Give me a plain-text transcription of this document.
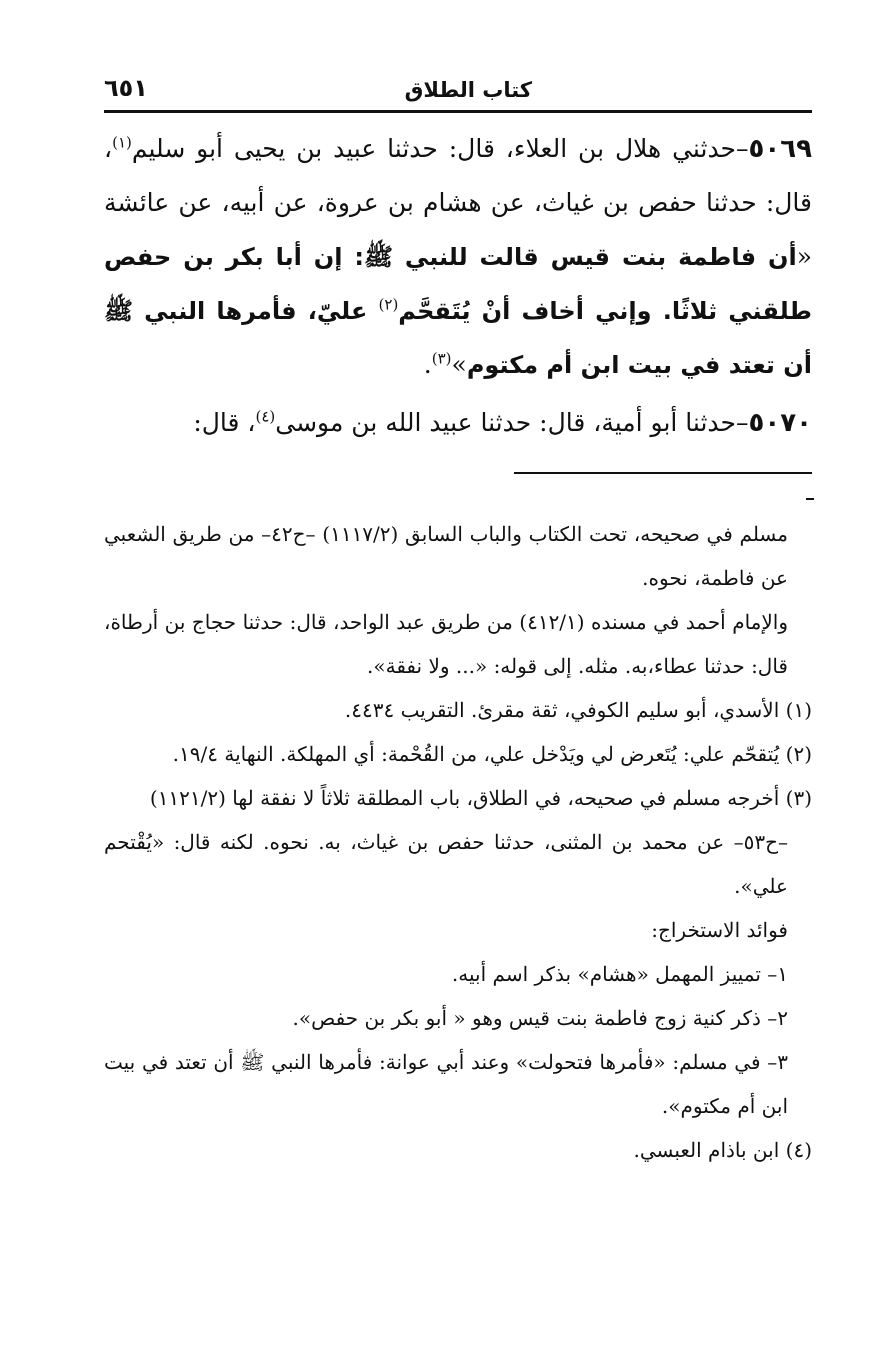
كتاب الطلاق
٦٥١

٥٠٦٩–حدثني هلال بن العلاء، قال: حدثنا عبيد بن يحيى أبو سليم$^{(١)}$، قال: حدثنا حفص بن غياث، عن هشام بن عروة، عن أبيه، عن عائشة «أن فاطمة بنت قيس قالت للنبي ﷺ: إن أبا بكر بن حفص طلقني ثلاثًا. وإني أخاف أنْ يُتَقحَّم$^{(٢)}$ عليّ، فأمرها النبي ﷺ أن تعتد في بيت ابن أم مكتوم»$^{(٣)}$.

٥٠٧٠–حدثنا أبو أمية، قال: حدثنا عبيد الله بن موسى$^{(٤)}$، قال:

مسلم في صحيحه، تحت الكتاب والباب السابق (١١١٧/٢) –ح٤٢– من طريق الشعبي عن فاطمة، نحوه.

والإمام أحمد في مسنده (٤١٢/١) من طريق عبد الواحد، قال: حدثنا حجاج بن أرطاة، قال: حدثنا عطاء،به. مثله. إلى قوله: «... ولا نفقة».

(١) الأسدي، أبو سليم الكوفي، ثقة مقرئ. التقريب ٤٤٣٤.

(٢) يُتقحّم علي: يُتَعرض لي ويَدْخل علي، من القُحْمة: أي المهلكة. النهاية ١٩/٤.

(٣) أخرجه مسلم في صحيحه، في الطلاق، باب المطلقة ثلاثاً لا نفقة لها (١١٢١/٢)

–ح٥٣– عن محمد بن المثنى، حدثنا حفص بن غياث، به. نحوه. لكنه قال: «يُقْتحم علي».

فوائد الاستخراج:

١– تمييز المهمل «هشام» بذكر اسم أبيه.

٢– ذكر كنية زوج فاطمة بنت قيس وهو « أبو بكر بن حفص».

٣– في مسلم: «فأمرها فتحولت» وعند أبي عوانة: فأمرها النبي ﷺ أن تعتد في بيت ابن أم مكتوم».

(٤) ابن باذام العبسي.
